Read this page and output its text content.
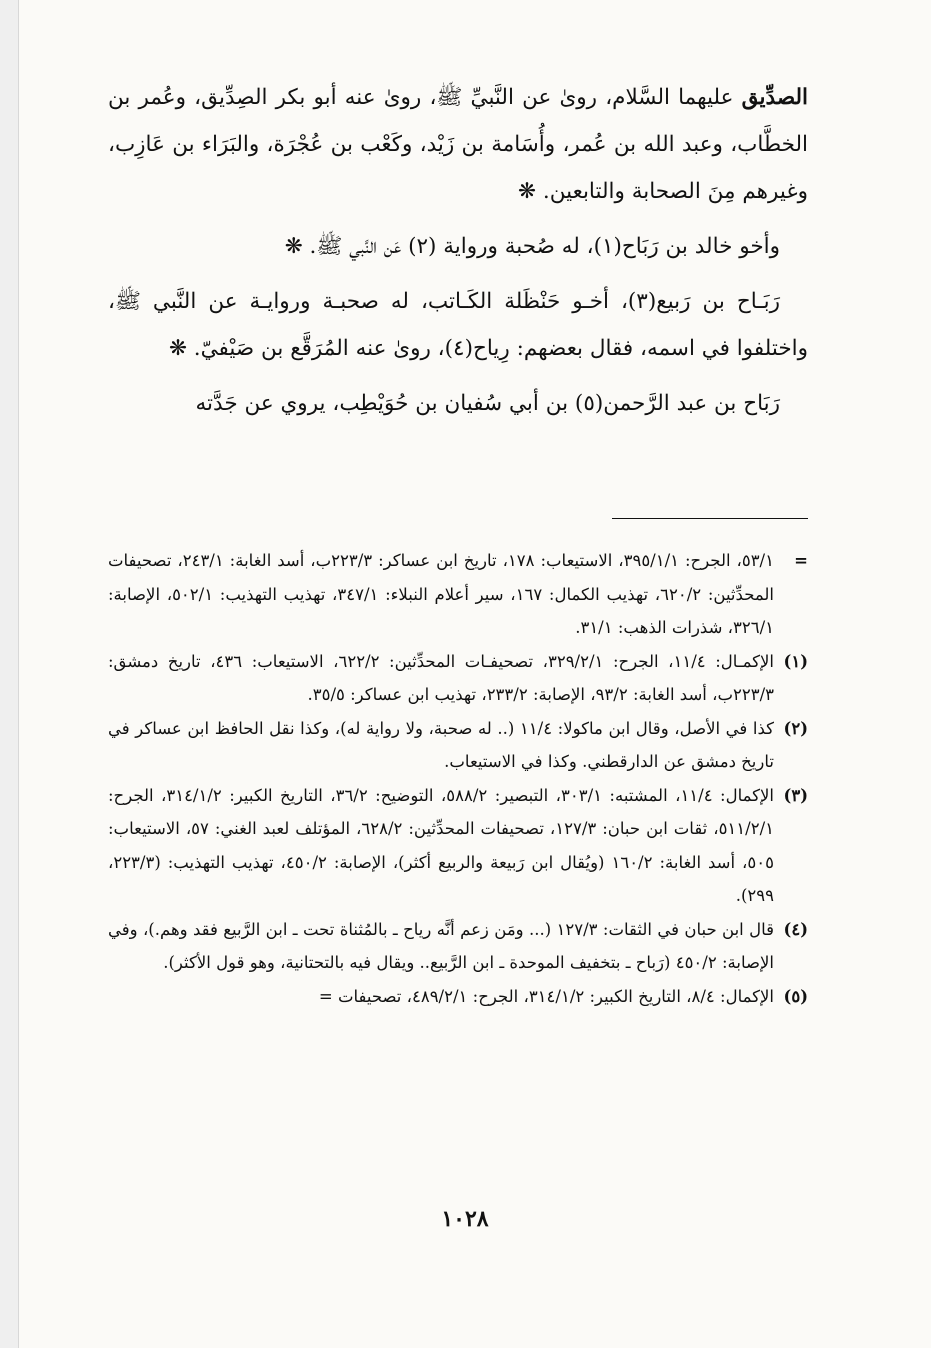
الصدِّيق عليهما السَّلام، روىٰ عن النَّبيِّ ﷺ، روىٰ عنه أبو بكر الصِدِّيق، وعُمر بن الخطَّاب، وعبد الله بن عُمر، وأُسَامة بن زَيْد، وكَعْب بن عُجْرَة، والبَرَاء بن عَازِب، وغيرهم مِنَ الصحابة والتابعين. ❋

وأخو خالد بن رَبَاح(١)، له صُحبة ورواية (٢) عَن النَّبي ﷺ. ❋

رَبَـاح بن رَبيع(٣)، أخـو حَنْظَلة الكَـاتب، له صحبـة وروايـة عن النَّبي ﷺ، واختلفوا في اسمه، فقال بعضهم: رِياح(٤)، روىٰ عنه المُرَقَّع بن صَيْفيّ. ❋

رَبَاح بن عبد الرَّحمن(٥) بن أبي سُفيان بن حُوَيْطِب، يروي عن جَدَّته

=
٥٣/١، الجرح: ٣٩٥/١/١، الاستيعاب: ١٧٨، تاريخ ابن عساكر: ٢٢٣/٣ب، أسد الغابة: ٢٤٣/١، تصحيفات المحدِّثين: ٦٢٠/٢، تهذيب الكمال: ١٦٧، سير أعلام النبلاء: ٣٤٧/١، تهذيب التهذيب: ٥٠٢/١، الإصابة: ٣٢٦/١، شذرات الذهب: ٣١/١.
(١)
الإكمـال: ١١/٤، الجرح: ٣٢٩/٢/١، تصحيفـات المحدِّثين: ٦٢٢/٢، الاستيعاب: ٤٣٦، تاريخ دمشق: ٢٢٣/٣ب، أسد الغابة: ٩٣/٢، الإصابة: ٢٣٣/٢، تهذيب ابن عساكر: ٣٥/٥.
(٢)
كذا في الأصل، وقال ابن ماكولا: ١١/٤ (.. له صحبة، ولا رواية له)، وكذا نقل الحافظ ابن عساكر في تاريخ دمشق عن الدارقطني. وكذا في الاستيعاب.
(٣)
الإكمال: ١١/٤، المشتبه: ٣٠٣/١، التبصير: ٥٨٨/٢، التوضيح: ٣٦/٢، التاريخ الكبير: ٣١٤/١/٢، الجرح: ٥١١/٢/١، ثقات ابن حبان: ١٢٧/٣، تصحيفات المحدِّثين: ٦٢٨/٢، المؤتلف لعبد الغني: ٥٧، الاستيعاب: ٥٠٥، أسد الغابة: ١٦٠/٢ (ويُقال ابن رَبيعة والربيع أكثر)، الإصابة: ٤٥٠/٢، تهذيب التهذيب: (٢٢٣/٣، ٢٩٩).
(٤)
قال ابن حبان في الثقات: ١٢٧/٣ (... ومَن زعم أنَّه رياح ـ بالمُثناة تحت ـ ابن الرَّبيع فقد وهم.)، وفي الإصابة: ٤٥٠/٢ (رَباح ـ بتخفيف الموحدة ـ ابن الرَّبيع.. ويقال فيه بالتحتانية، وهو قول الأكثر).
(٥)
الإكمال: ٨/٤، التاريخ الكبير: ٣١٤/١/٢، الجرح: ٤٨٩/٢/١، تصحيفات =
١٠٢٨
